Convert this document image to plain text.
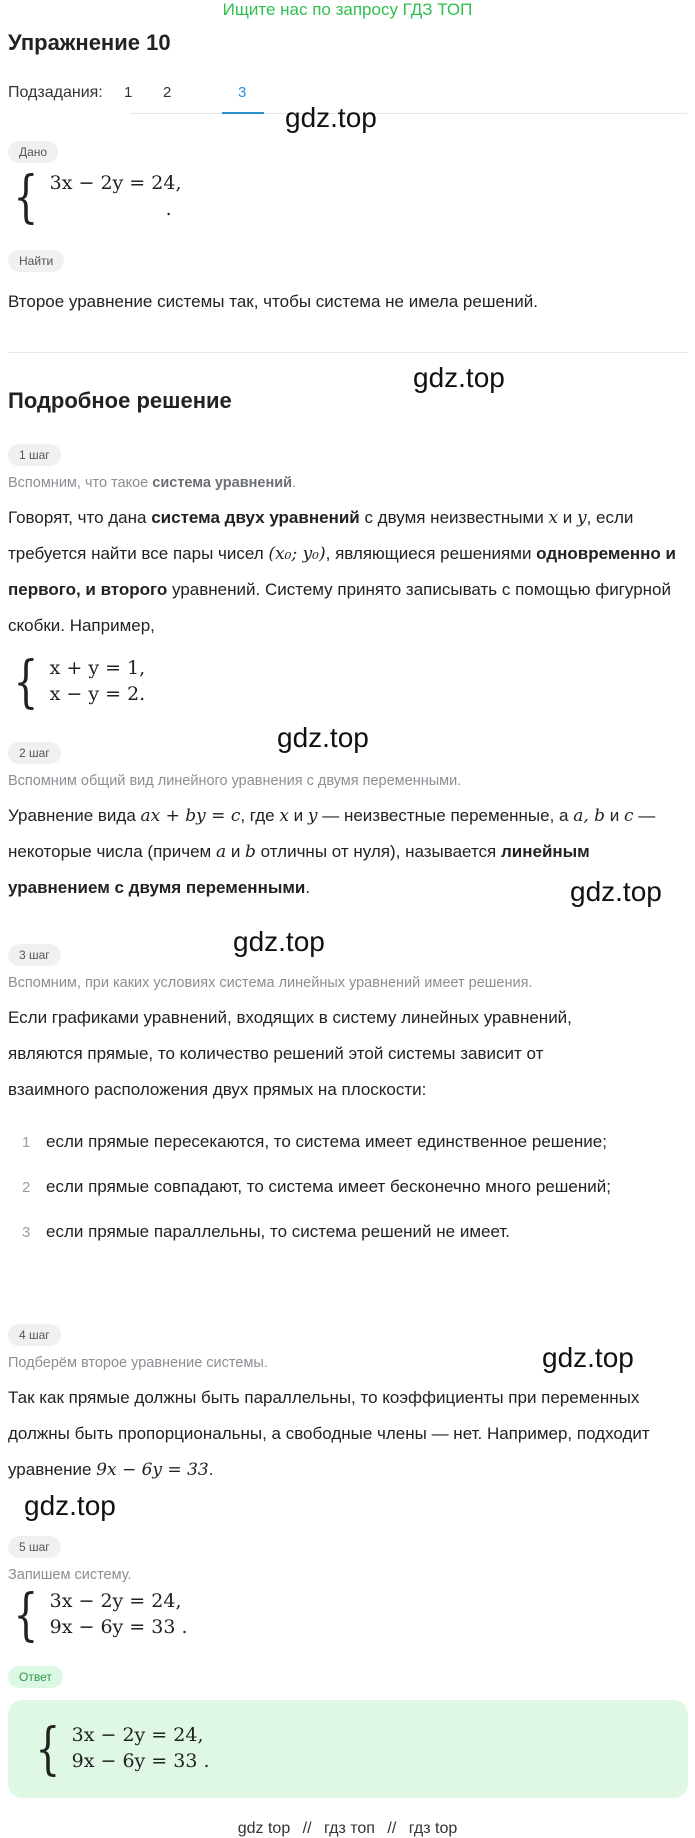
Ищите нас по запросу ГДЗ ТОП
Упражнение 10
Подзадания: 1 2	3
gdz.top
gdz.top
gdz.top
gdz.top
gdz.top
gdz.top
gdz.top
Дано
{ 3x − 2y = 24,
.
Найти
Второе уравнение системы так, чтобы система не имела решений.
Подробное решение
1 шаг
Вспомним, что такое система уравнений.
Говорят, что дана система двух уравнений с двумя неизвестными x и y, если требуется найти все пары чисел (x₀; y₀), являющиеся решениями одновременно и первого, и второго уравнений. Систему принято записывать с помощью фигурной скобки. Например,
{ x + y = 1,
x − y = 2.
2 шаг
Вспомним общий вид линейного уравнения с двумя переменными.
Уравнение вида ax + by = c, где x и y — неизвестные переменные, а a, b и c — некоторые числа (причем a и b отличны от нуля), называется линейным уравнением с двумя переменными.
3 шаг
Вспомним, при каких условиях система линейных уравнений имеет решения.
Если графиками уравнений, входящих в систему линейных уравнений, являются прямые, то количество решений этой системы зависит от взаимного расположения двух прямых на плоскости:
1 если прямые пересекаются, то система имеет единственное решение;
2 если прямые совпадают, то система имеет бесконечно много решений;
3 если прямые параллельны, то система решений не имеет.
4 шаг
Подберём второе уравнение системы.
Так как прямые должны быть параллельны, то коэффициенты при переменных должны быть пропорциональны, а свободные члены — нет. Например, подходит уравнение 9x − 6y = 33.
5 шаг
Запишем систему.
{ 3x − 2y = 24,
9x − 6y = 33 .
Ответ
{ 3x − 2y = 24,
9x − 6y = 33 .
gdz top // гдз топ // гдз top
